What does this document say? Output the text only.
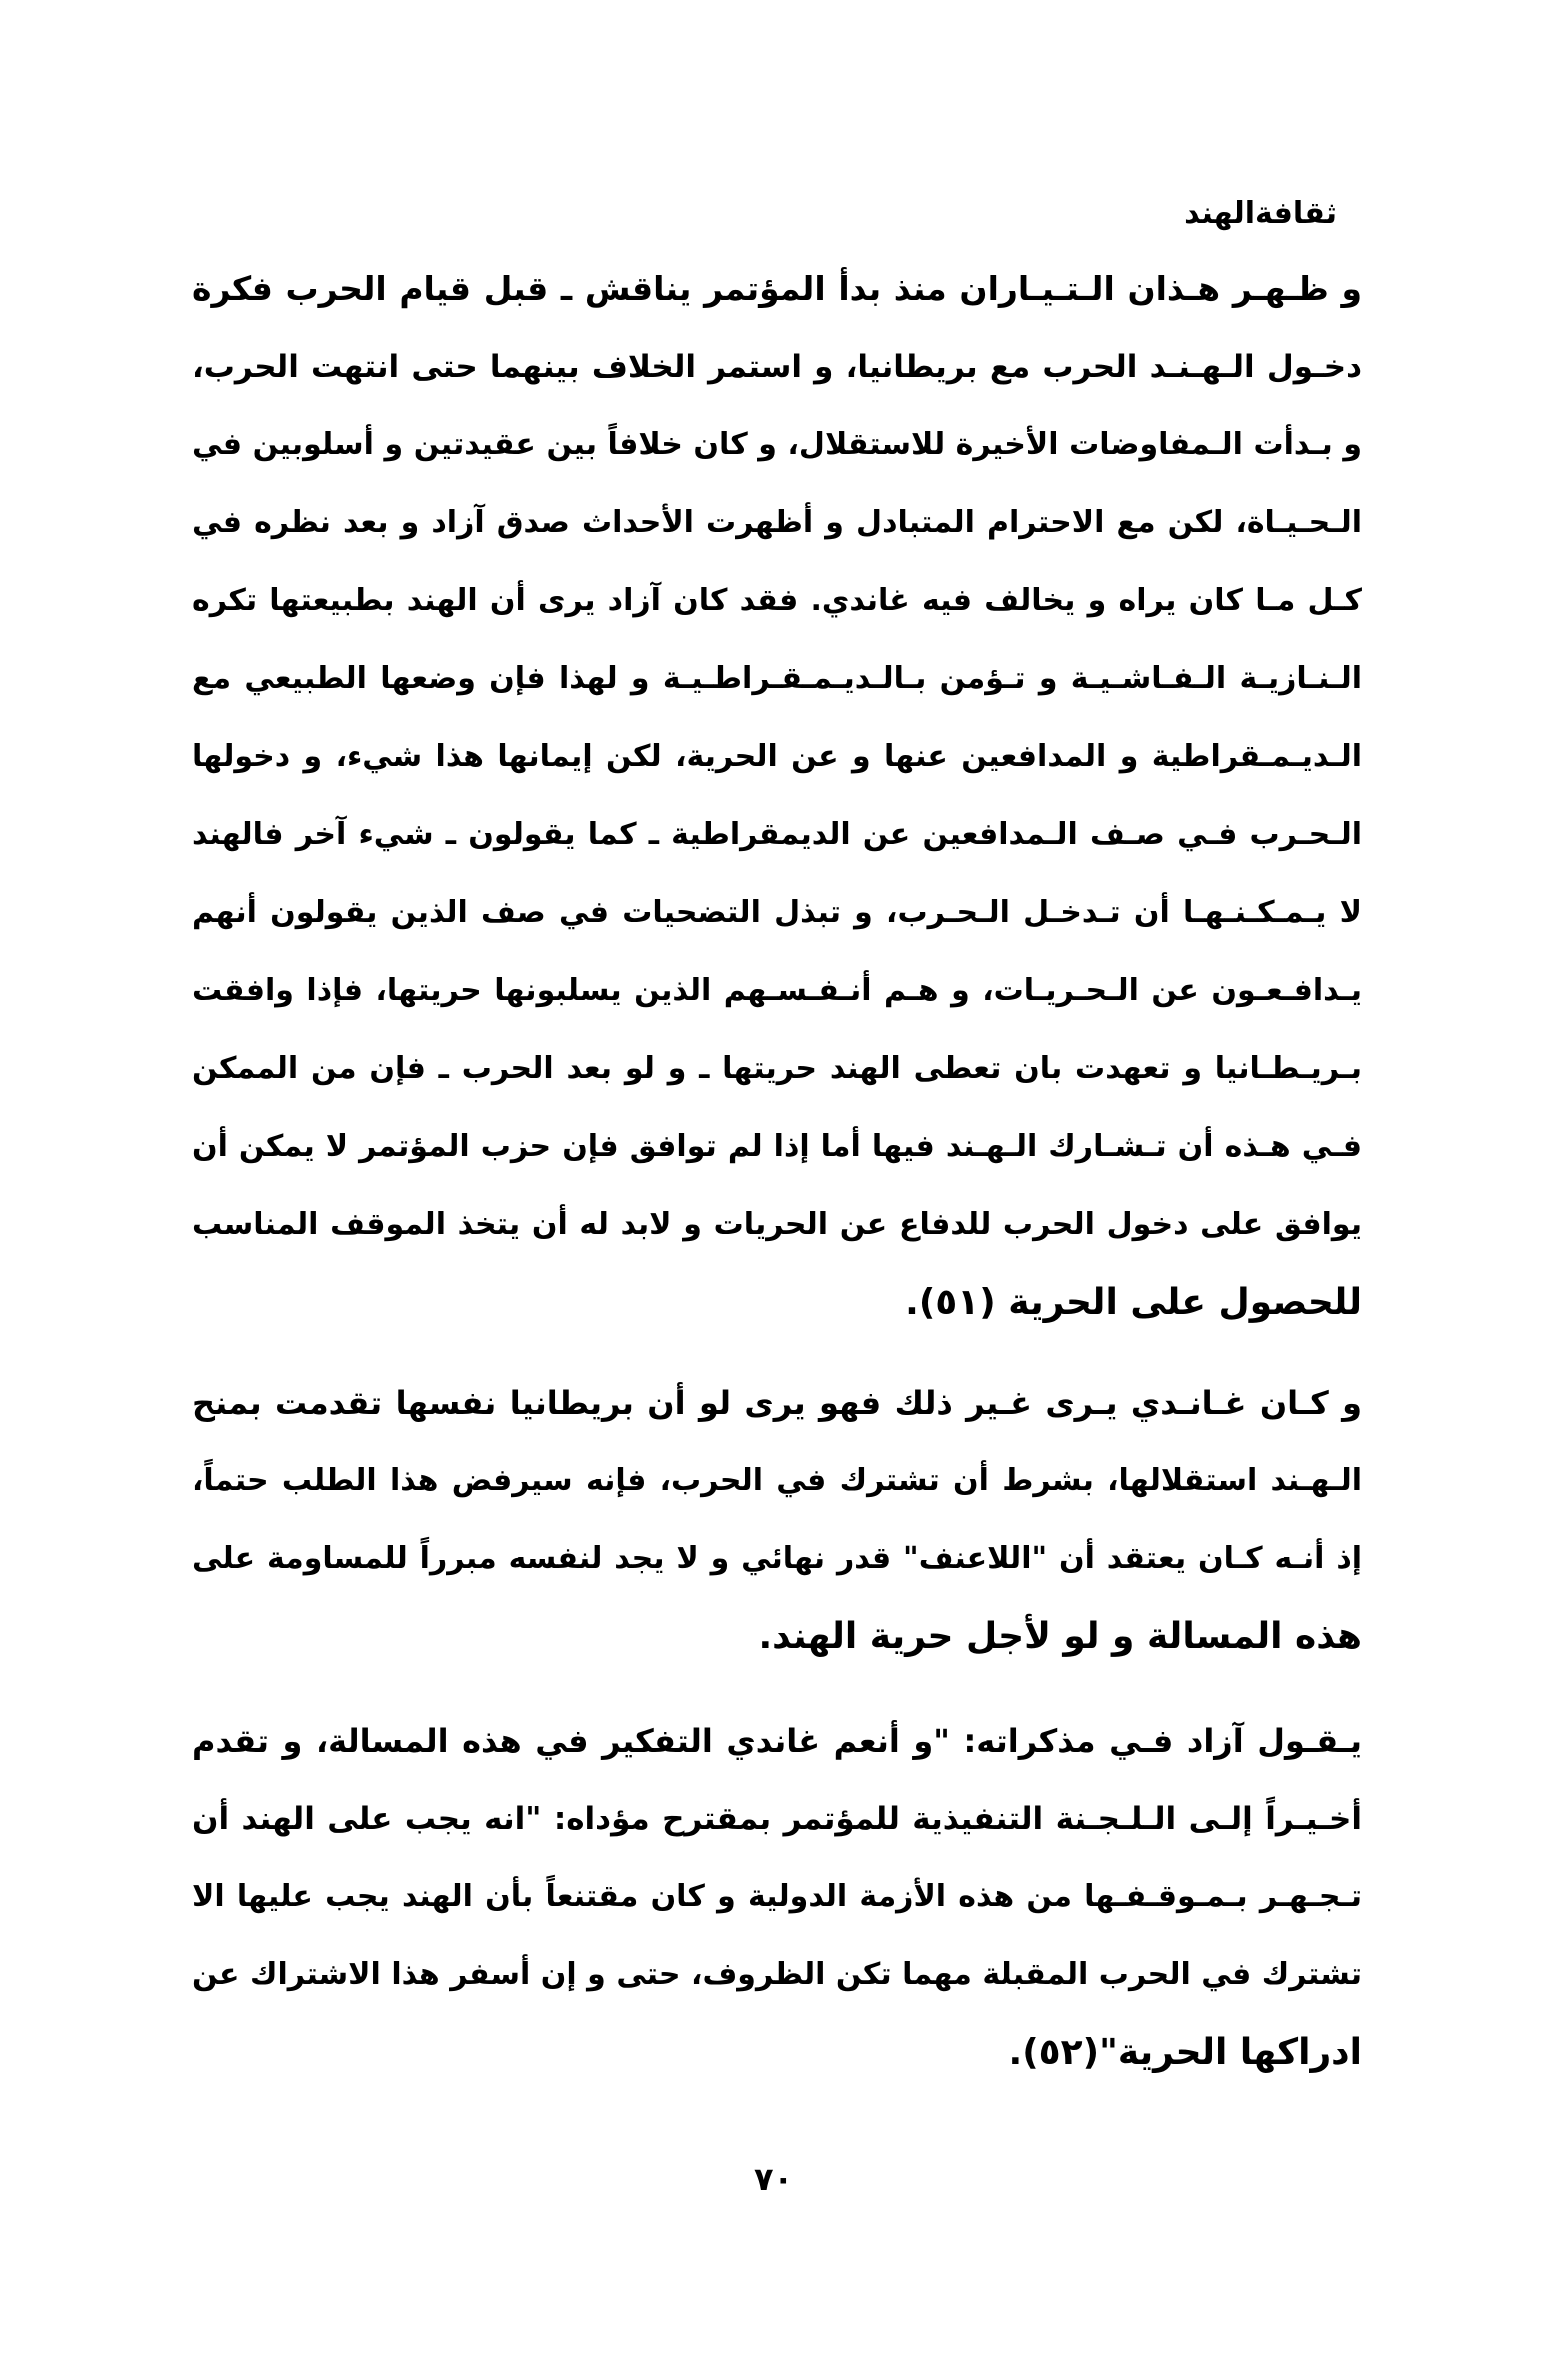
ثقافةالهند

و ظـهـر هـذان الـتـيـاران منذ بدأ المؤتمر يناقش ـ قبل قيام الحرب فكرة
دخـول الـهـنـد الحرب مع بريطانيا، و استمر الخلاف بينهما حتى انتهت الحرب،
و بـدأت الـمفاوضات الأخيرة للاستقلال، و كان خلافاً بين عقيدتين و أسلوبين في
الـحـيـاة، لكن مع الاحترام المتبادل و أظهرت الأحداث صدق آزاد و بعد نظره في
كـل مـا كان يراه و يخالف فيه غاندي. فقد كان آزاد يرى أن الهند بطبيعتها تكره
الـنـازيـة الـفـاشـيـة و تـؤمن بـالـديـمـقـراطـيـة و لهذا فإن وضعها الطبيعي مع
الـديـمـقراطية و المدافعين عنها و عن الحرية، لكن إيمانها هذا شيء، و دخولها
الـحـرب فـي صـف الـمدافعين عن الديمقراطية ـ كما يقولون ـ شيء آخر فالهند
لا يـمـكـنـهـا أن تـدخـل الـحـرب، و تبذل التضحيات في صف الذين يقولون أنهم
يـدافـعـون عن الـحـريـات، و هـم أنـفـسـهم الذين يسلبونها حريتها، فإذا وافقت
بـريـطـانيا و تعهدت بان تعطى الهند حريتها ـ و لو بعد الحرب ـ فإن من الممكن
فـي هـذه أن تـشـارك الـهـند فيها أما إذا لم توافق فإن حزب المؤتمر لا يمكن أن
يوافق على دخول الحرب للدفاع عن الحريات و لابد له أن يتخذ الموقف المناسب
للحصول على الحرية (٥١).
و كـان غـانـدي يـرى غـير ذلك فهو يرى لو أن بريطانيا نفسها تقدمت بمنح
الـهـند استقلالها، بشرط أن تشترك في الحرب، فإنه سيرفض هذا الطلب حتماً،
إذ أنـه كـان يعتقد أن "اللاعنف" قدر نهائي و لا يجد لنفسه مبرراً للمساومة على
هذه المسالة و لو لأجل حرية الهند.
يـقـول آزاد فـي مذكراته: "و أنعم غاندي التفكير في هذه المسالة، و تقدم
أخـيـراً إلـى الـلـجـنة التنفيذية للمؤتمر بمقترح مؤداه: "انه يجب على الهند أن
تـجـهـر بـمـوقـفـها من هذه الأزمة الدولية و كان مقتنعاً بأن الهند يجب عليها الا
تشترك في الحرب المقبلة مهما تكن الظروف، حتى و إن أسفر هذا الاشتراك عن
ادراكها الحرية"(٥٢).

٧٠
